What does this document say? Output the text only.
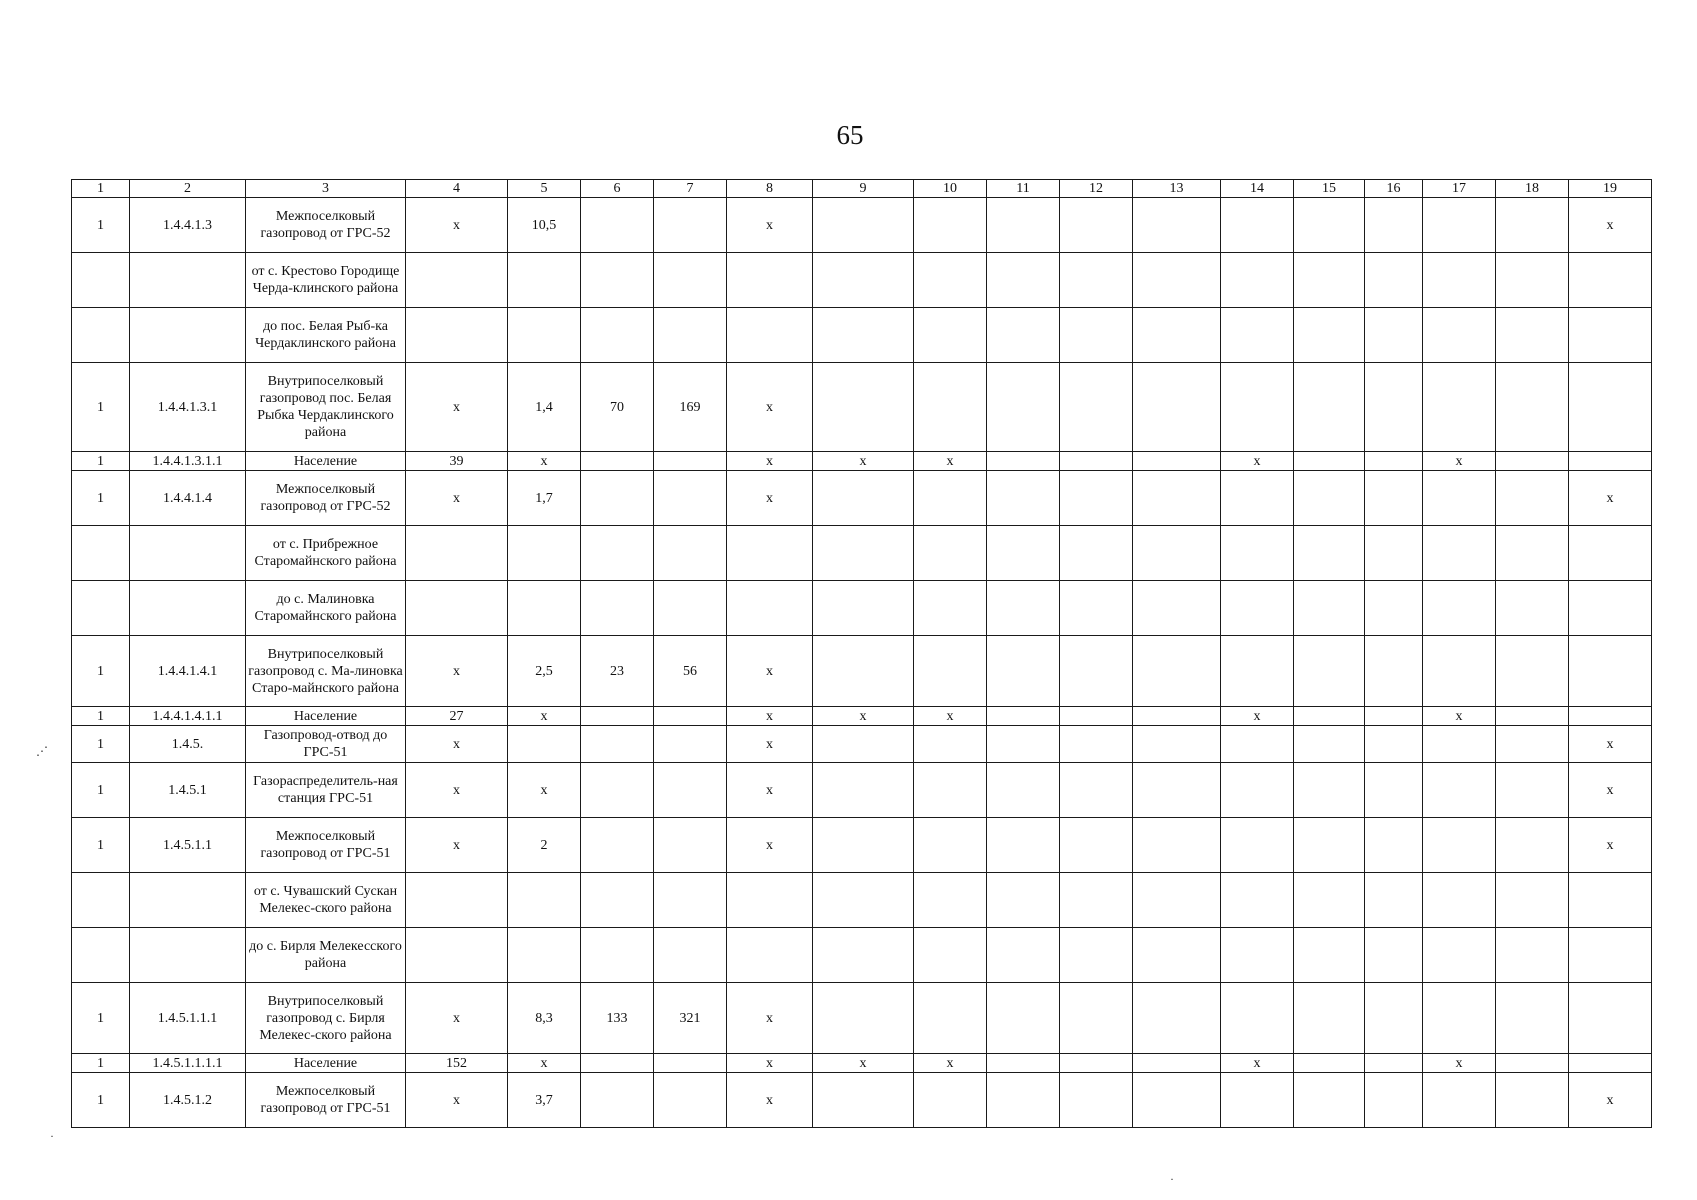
65
1	2	3	4	5	6	7	8	9	10	11	12	13	14	15	16	17	18	19
1	1.4.4.1.3	Межпоселковый газопровод от ГРС-52	x	10,5			x											x
		от с. Крестово Городище Черда-клинского района																
		до пос. Белая Рыб-ка Чердаклинского района																
1	1.4.4.1.3.1	Внутрипоселковый газопровод пос. Белая Рыбка Чердаклинского района	x	1,4	70	169	x											
1	1.4.4.1.3.1.1	Население	39	x			x	x	x				x			x		
1	1.4.4.1.4	Межпоселковый газопровод от ГРС-52	x	1,7			x											x
		от с. Прибрежное Старомайнского района																
		до с. Малиновка Старомайнского района																
1	1.4.4.1.4.1	Внутрипоселковый газопровод с. Ма-линовка Старо-майнского района	x	2,5	23	56	x											
1	1.4.4.1.4.1.1	Население	27	x			x	x	x				x			x		
1	1.4.5.	Газопровод-отвод до ГРС-51	x				x											x
1	1.4.5.1	Газораспределитель-ная станция ГРС-51	x	x			x											x
1	1.4.5.1.1	Межпоселковый газопровод от ГРС-51	x	2			x											x
		от с. Чувашский Сускан Мелекес-ского района																
		до с. Бирля Мелекесского района																
1	1.4.5.1.1.1	Внутрипоселковый газопровод с. Бирля Мелекес-ского района	x	8,3	133	321	x											
1	1.4.5.1.1.1.1	Население	152	x			x	x	x				x			x		
1	1.4.5.1.2	Межпоселковый газопровод от ГРС-51	x	3,7			x											x
⋰
·
·
